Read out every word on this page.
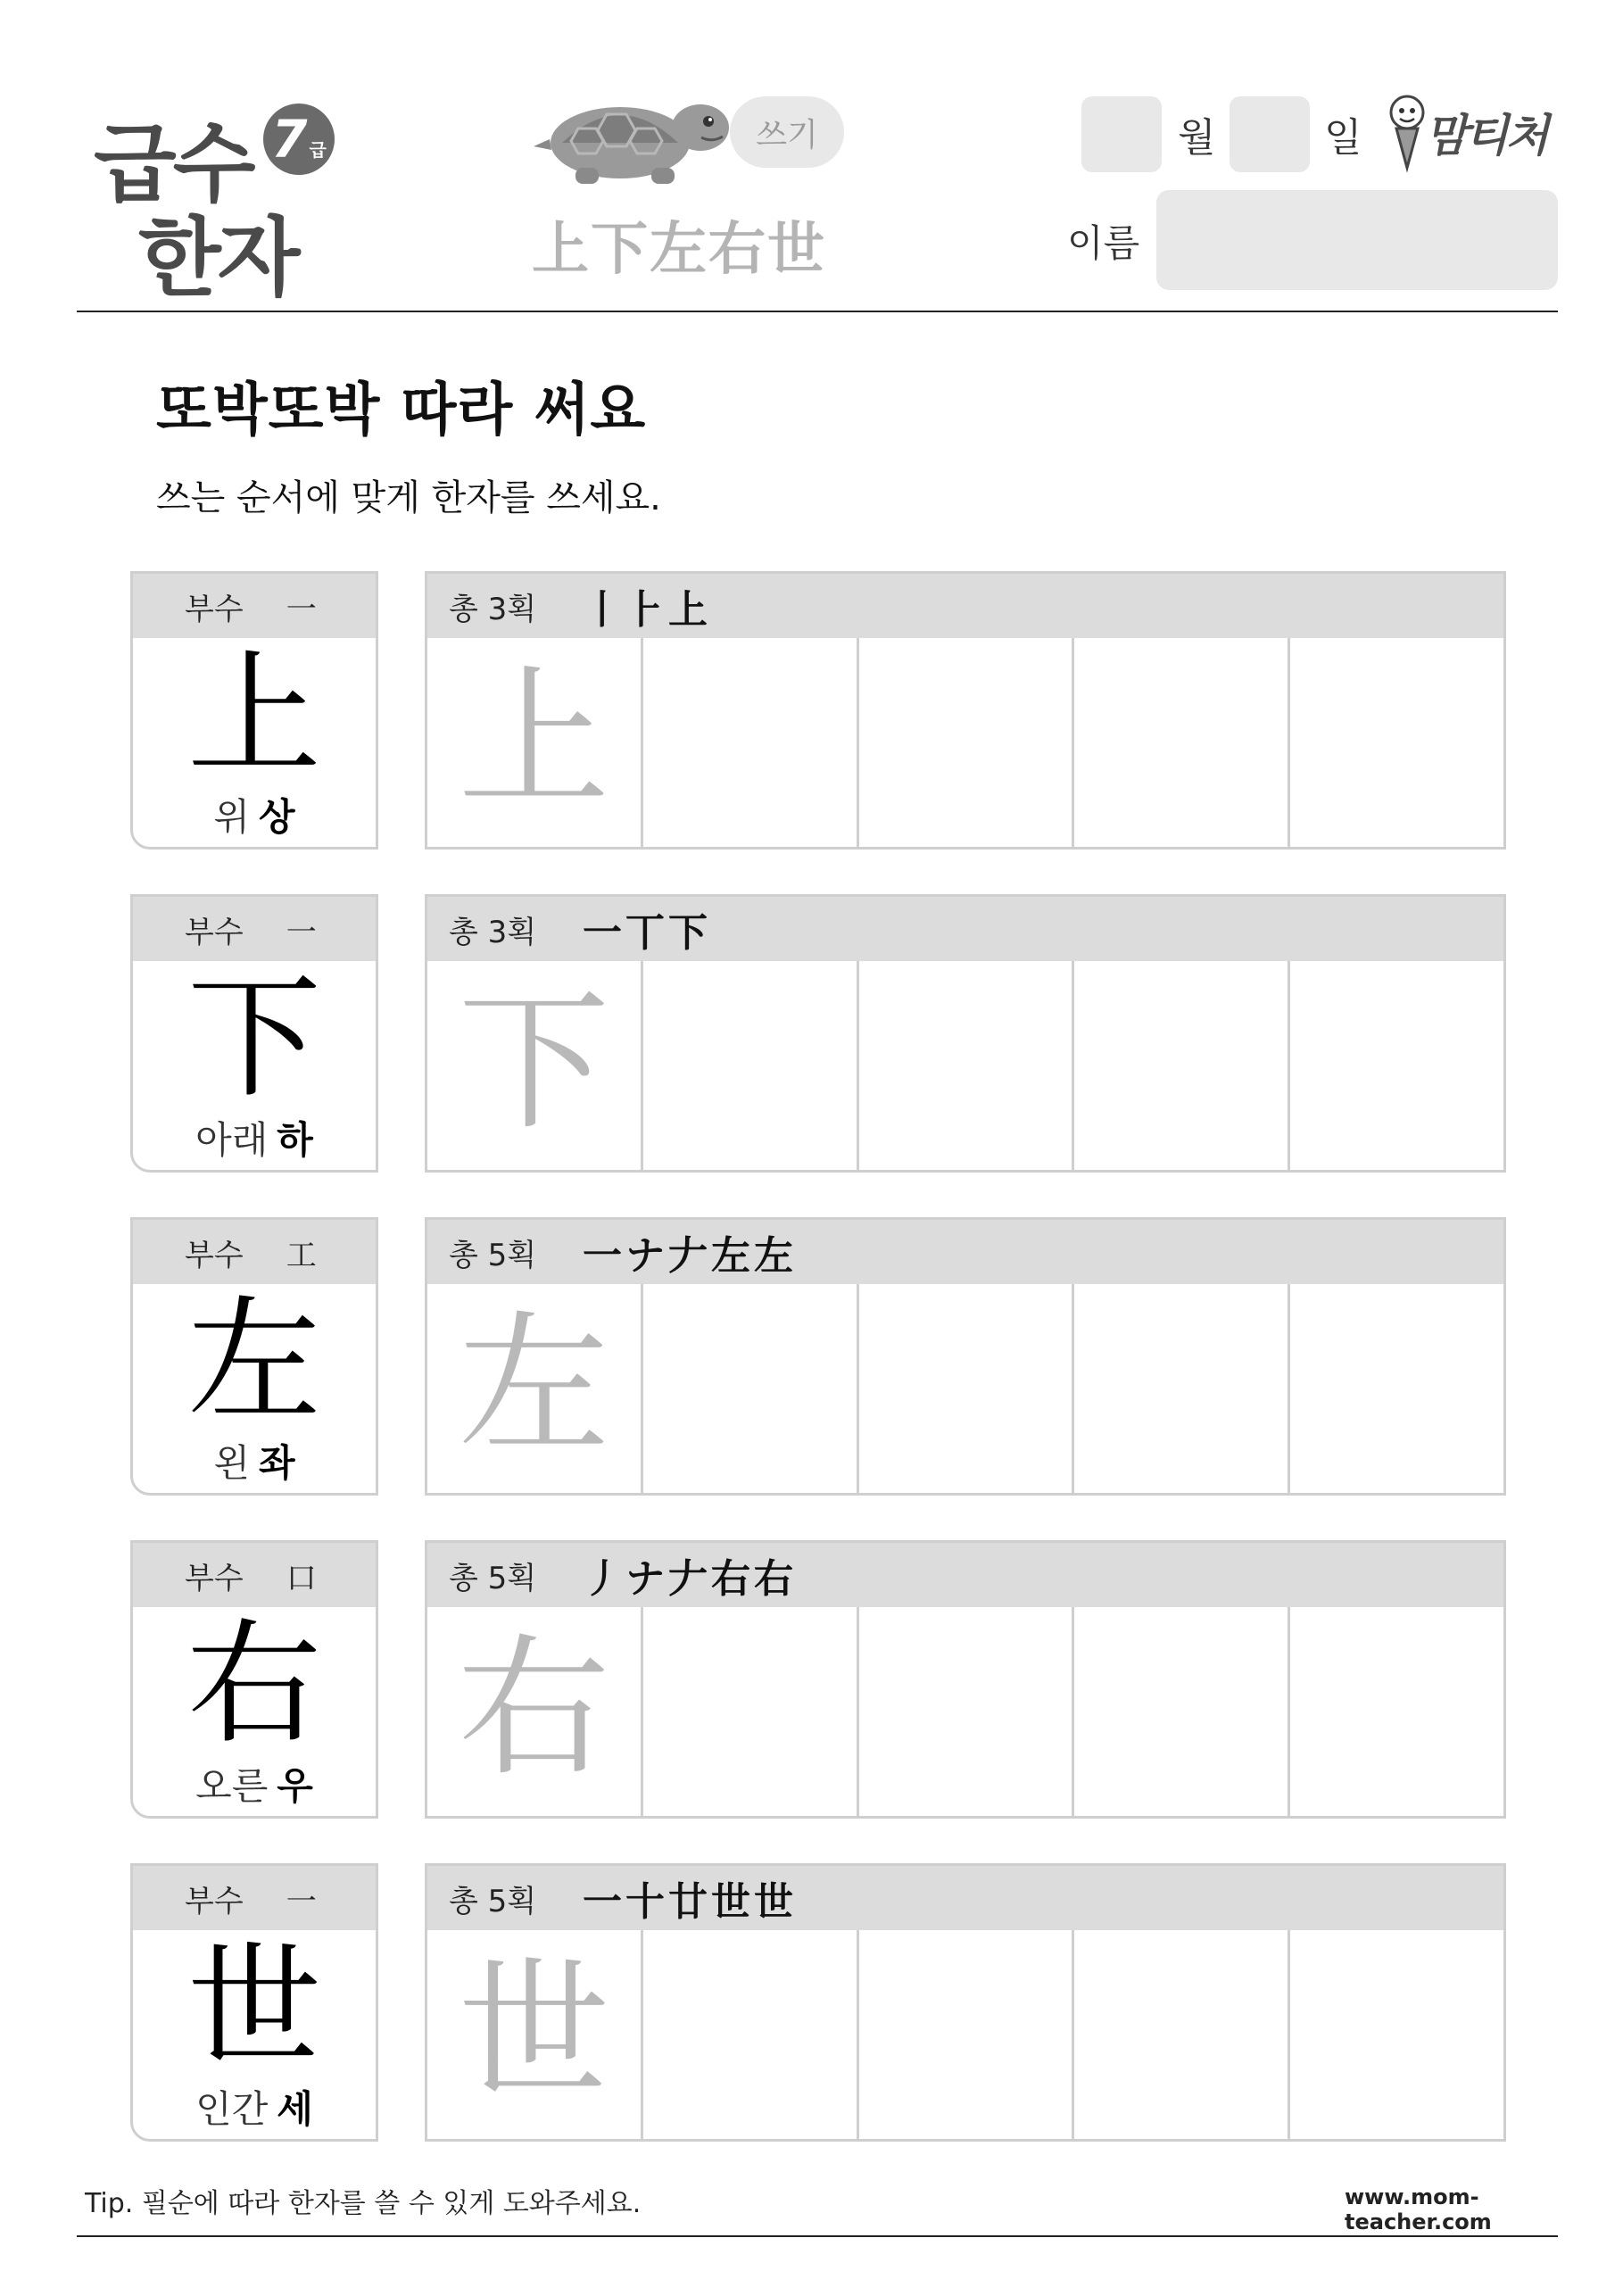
급수
한자
7 급	쓰기
上下左右世
월	일 맘티처
이름
또박또박 따라 써요
쓰는 순서에 맞게 한자를 쓰세요.
부수 一
上
위 상
총 3획	丨⺊上
上
부수 一
下
아래 하
총 3획	一丅下
下
부수 工
左
왼 좌
총 5획	一ナ𠂇左左
左
부수 口
右
오른 우
총 5획	丿ナ𠂇右右
右
부수 一
世
인간 세
총 5획	一十廿世世
世
Tip. 필순에 따라 한자를 쓸 수 있게 도와주세요.	www.mom-teacher.com
